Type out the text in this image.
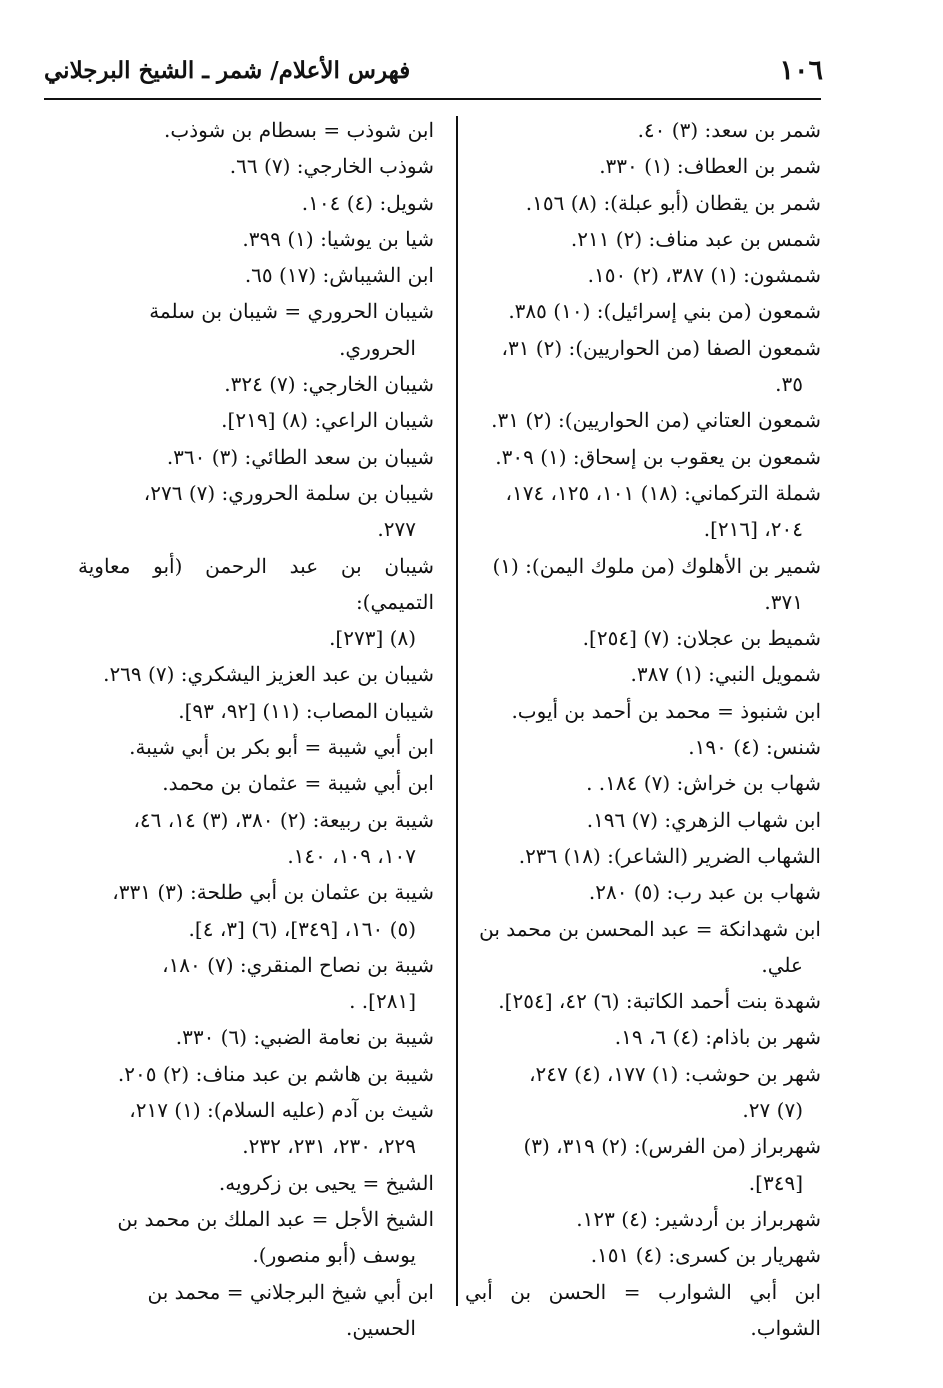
١٠٦
فهرس الأعلام/ شمر ـ الشيخ البرجلاني

شمر بن سعد: (٣) ٤٠.

شمر بن العطاف: (١) ٣٣٠.

شمر بن يقطان (أبو عبلة): (٨) ١٥٦.

شمس بن عبد مناف: (٢) ٢١١.

شمشون: (١) ٣٨٧، (٢) ١٥٠.

شمعون (من بني إسرائيل): (١٠) ٣٨٥.

شمعون الصفا (من الحواريين): (٢) ٣١،
٣٥.

شمعون العتاني (من الحواريين): (٢) ٣١.

شمعون بن يعقوب بن إسحاق: (١) ٣٠٩.

شملة التركماني: (١٨) ١٠١، ١٢٥، ١٧٤،
٢٠٤، [٢١٦].

شمير بن الأهلوك (من ملوك اليمن): (١)
٣٧١.

شميط بن عجلان: (٧) [٢٥٤].

شمويل النبي: (١) ٣٨٧.

ابن شنبوذ = محمد بن أحمد بن أيوب.

شنس: (٤) ١٩٠.

شهاب بن خراش: (٧) ١٨٤. .

ابن شهاب الزهري: (٧) ١٩٦.

الشهاب الضرير (الشاعر): (١٨) ٢٣٦.

شهاب بن عبد رب: (٥) ٢٨٠.

ابن شهدانكة = عبد المحسن بن محمد بن
علي.

شهدة بنت أحمد الكاتبة: (٦) ٤٢، [٢٥٤].

شهر بن باذام: (٤) ٦، ١٩.

شهر بن حوشب: (١) ١٧٧، (٤) ٢٤٧،
(٧) ٢٧.

شهربراز (من الفرس): (٢) ٣١٩، (٣)
[٣٤٩].

شهربراز بن أردشير: (٤) ١٢٣.

شهريار بن كسرى: (٤) ١٥١.

ابن أبي الشوارب = الحسن بن أبي الشواب.

ابن شوذب = بسطام بن شوذب.

شوذب الخارجي: (٧) ٦٦.

شويل: (٤) ١٠٤.

شيا بن يوشيا: (١) ٣٩٩.

ابن الشيباش: (١٧) ٦٥.

شيبان الحروري = شيبان بن سلمة
الحروري.

شيبان الخارجي: (٧) ٣٢٤.

شيبان الراعي: (٨) [٢١٩].

شيبان بن سعد الطائي: (٣) ٣٦٠.

شيبان بن سلمة الحروري: (٧) ٢٧٦،
٢٧٧.

شيبان بن عبد الرحمن (أبو معاوية التميمي):
(٨) [٢٧٣].

شيبان بن عبد العزيز اليشكري: (٧) ٢٦٩.

شيبان المصاب: (١١) [٩٢، ٩٣].

ابن أبي شيبة = أبو بكر بن أبي شيبة.

ابن أبي شيبة = عثمان بن محمد.

شيبة بن ربيعة: (٢) ٣٨٠، (٣) ١٤، ٤٦،
١٠٧، ١٠٩، ١٤٠.

شيبة بن عثمان بن أبي طلحة: (٣) ٣٣١،
(٥) ١٦٠، [٣٤٩]، (٦) [٣، ٤].

شيبة بن نصاح المنقري: (٧) ١٨٠،
[٢٨١]. .

شيبة بن نعامة الضبي: (٦) ٣٣٠.

شيبة بن هاشم بن عبد مناف: (٢) ٢٠٥.

شيث بن آدم (عليه السلام): (١) ٢١٧،
٢٢٩، ٢٣٠، ٢٣١، ٢٣٢.

الشيخ = يحيى بن زكرويه.

الشيخ الأجل = عبد الملك بن محمد بن
يوسف (أبو منصور).

ابن أبي شيخ البرجلاني = محمد بن
الحسين.
